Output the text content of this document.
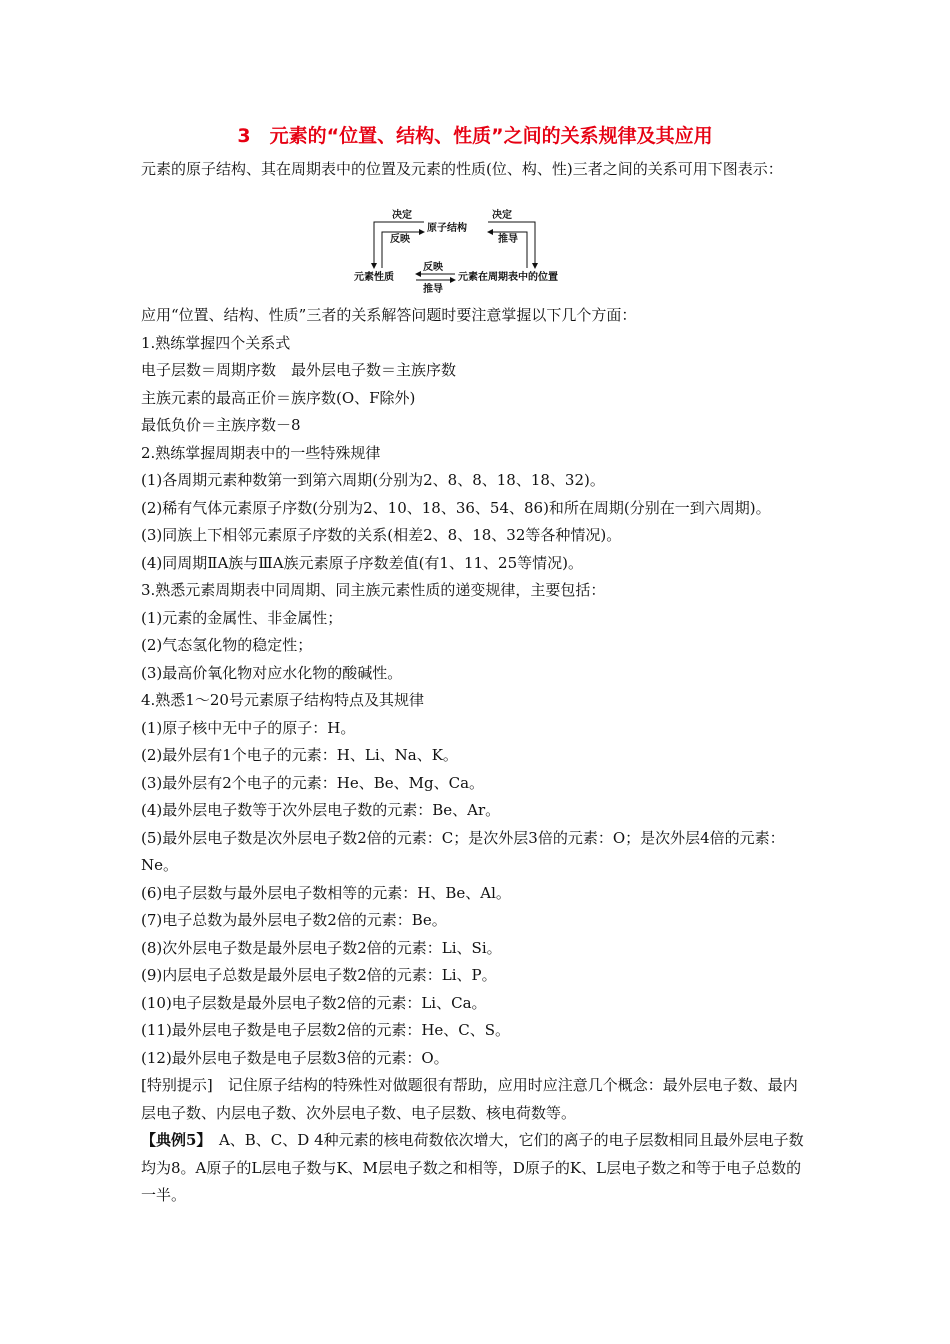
3　元素的“位置、结构、性质”之间的关系规律及其应用

元素的原子结构、其在周期表中的位置及元素的性质(位、构、性)三者之间的关系可用下图表示：

决定	决定
反映	推导
原子结构
元素性质	元素在周期表中的位置
反映
推导

应用“位置、结构、性质”三者的关系解答问题时要注意掌握以下几个方面：

1.熟练掌握四个关系式

电子层数＝周期序数　最外层电子数＝主族序数

主族元素的最高正价＝族序数(O、F除外)

最低负价＝主族序数－8

2.熟练掌握周期表中的一些特殊规律

(1)各周期元素种数第一到第六周期(分别为2、8、8、18、18、32)。

(2)稀有气体元素原子序数(分别为2、10、18、36、54、86)和所在周期(分别在一到六周期)。

(3)同族上下相邻元素原子序数的关系(相差2、8、18、32等各种情况)。

(4)同周期ⅡA族与ⅢA族元素原子序数差值(有1、11、25等情况)。

3.熟悉元素周期表中同周期、同主族元素性质的递变规律，主要包括：

(1)元素的金属性、非金属性；

(2)气态氢化物的稳定性；

(3)最高价氧化物对应水化物的酸碱性。

4.熟悉1～20号元素原子结构特点及其规律

(1)原子核中无中子的原子：H。

(2)最外层有1个电子的元素：H、Li、Na、K。

(3)最外层有2个电子的元素：He、Be、Mg、Ca。

(4)最外层电子数等于次外层电子数的元素：Be、Ar。

(5)最外层电子数是次外层电子数2倍的元素：C；是次外层3倍的元素：O；是次外层4倍的元素：Ne。

(6)电子层数与最外层电子数相等的元素：H、Be、Al。

(7)电子总数为最外层电子数2倍的元素：Be。

(8)次外层电子数是最外层电子数2倍的元素：Li、Si。

(9)内层电子总数是最外层电子数2倍的元素：Li、P。

(10)电子层数是最外层电子数2倍的元素：Li、Ca。

(11)最外层电子数是电子层数2倍的元素：He、C、S。

(12)最外层电子数是电子层数3倍的元素：O。

[特别提示]　记住原子结构的特殊性对做题很有帮助，应用时应注意几个概念：最外层电子数、最内层电子数、内层电子数、次外层电子数、电子层数、核电荷数等。

【典例5】　A、B、C、D 4种元素的核电荷数依次增大，它们的离子的电子层数相同且最外层电子数均为8。A原子的L层电子数与K、M层电子数之和相等，D原子的K、L层电子数之和等于电子总数的一半。
